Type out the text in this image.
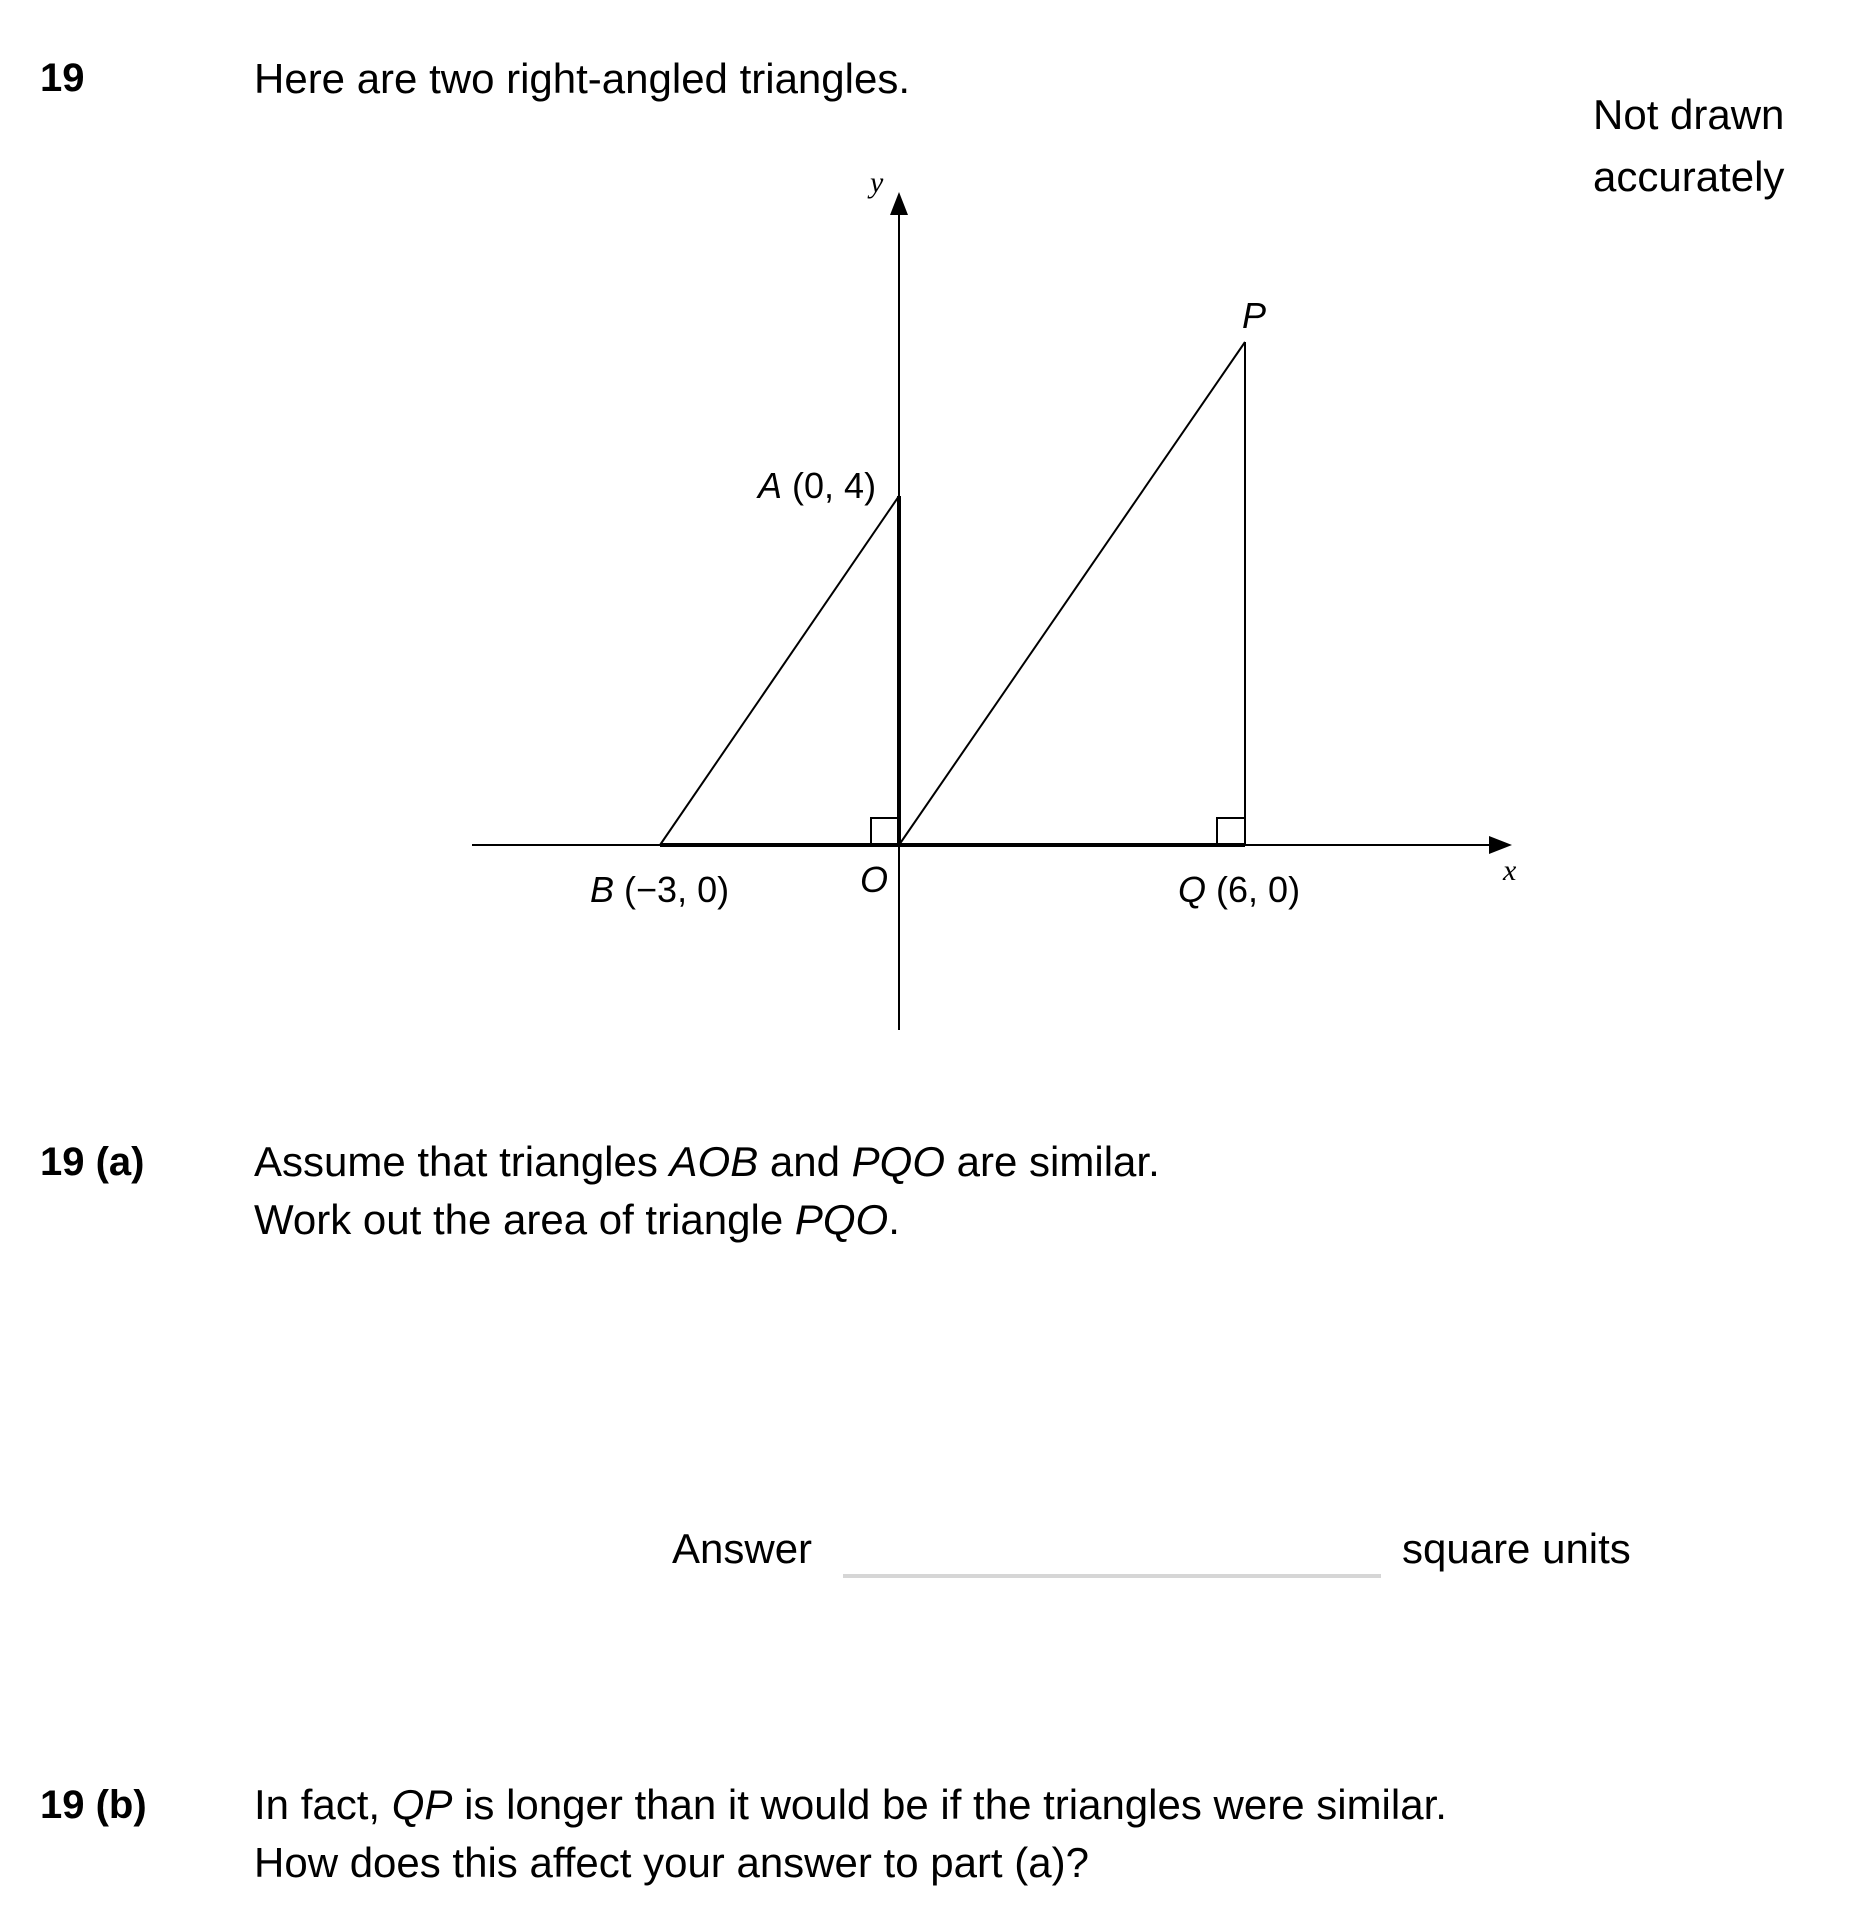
19	Here are two right-angled triangles.
Not drawn
accurately
x
y
A (0, 4)
B (−3, 0)	O
P
Q (6, 0)
19 (a)	Assume that triangles AOB and PQO are similar.
Work out the area of triangle PQO.
Answer	square units
19 (b)	In fact, QP is longer than it would be if the triangles were similar.
How does this affect your answer to part (a)?
